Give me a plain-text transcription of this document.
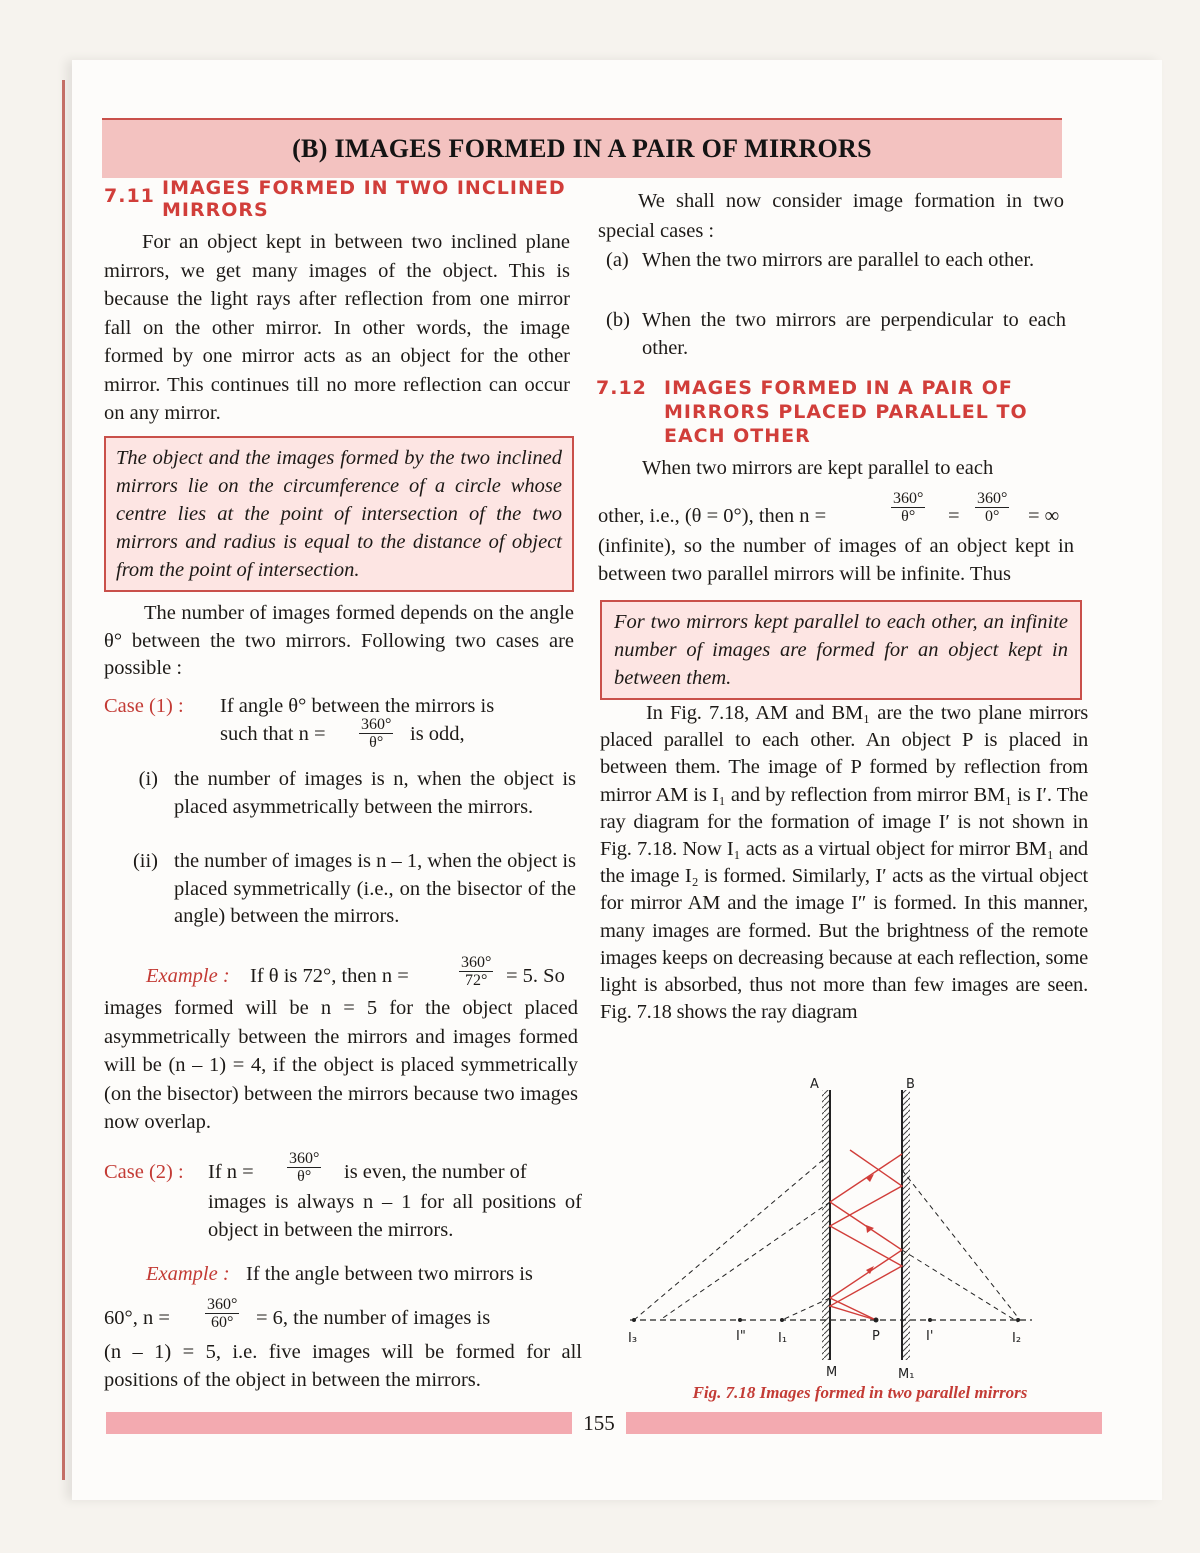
(B) IMAGES FORMED IN A PAIR OF MIRRORS
7.11 IMAGES FORMED IN TWO INCLINED
MIRRORS

For an object kept in between two inclined plane mirrors, we get many images of the object. This is because the light rays after reflection from one mirror fall on the other mirror. In other words, the image formed by one mirror acts as an object for the other mirror. This continues till no more reflection can occur on any mirror.

The object and the images formed by the two inclined mirrors lie on the circumference of a circle whose centre lies at the point of intersection of the two mirrors and radius is equal to the distance of object from the point of intersection.

The number of images formed depends on the angle θ° between the two mirrors. Following two cases are possible :

Case (1) : If angle θ° between the mirrors is
such that $n = \frac{360^\circ}{\theta^\circ}$ is odd,
(i) the number of images is n, when the object is placed asymmetrically between the mirrors.
(ii) the number of images is n – 1, when the object is placed symmetrically (i.e., on the bisector of the angle) between the mirrors.
Example : If θ is 72°, then n =	$\frac{360^\circ}{72^\circ} = 5$. So

images formed will be n = 5 for the object placed asymmetrically between the mirrors and images formed will be (n – 1) = 4, if the object is placed symmetrically (on the bisector) between the mirrors because two images now overlap.

Case (2) : If $n = \frac{360^\circ}{\theta^\circ}$ is even, the number of

images is always n – 1 for all positions of object in between the mirrors.

Example : If the angle between two mirrors is
60°, $n = \frac{360^\circ}{60^\circ} = 6$, the number of images is

(n – 1) = 5, i.e. five images will be formed for all positions of the object in between the mirrors.

We shall now consider image formation in two special cases :

(a) When the two mirrors are parallel to each other.
(b) When the two mirrors are perpendicular to each other.
7.12 IMAGES FORMED IN A PAIR OF
MIRRORS PLACED PARALLEL TO
EACH OTHER
When two mirrors are kept parallel to each
other, i.e., (θ = 0°), then n =	$\frac{360^\circ}{\theta^\circ} = \frac{360^\circ}{0^\circ}$ = ∞

(infinite), so the number of images of an object kept in between two parallel mirrors will be infinite. Thus

For two mirrors kept parallel to each other, an infinite number of images are formed for an object kept in between them.

In Fig. 7.18, AM and BM₁ are the two plane mirrors placed parallel to each other. An object P is placed in between them. The image of P formed by reflection from mirror AM is I₁ and by reflection from mirror BM₁ is I′. The ray diagram for the formation of image I′ is not shown in Fig. 7.18. Now I₁ acts as a virtual object for mirror BM₁ and the image I₂ is formed. Similarly, I′ acts as the virtual object for mirror AM and the image I″ is formed. In this manner, many images are formed. But the brightness of the remote images keeps on decreasing because at each reflection, some light is absorbed, thus not more than few images are seen. Fig. 7.18 shows the ray diagram

A	B
M	M₁
I₃	I" I₁	P	I'	I₂
Fig. 7.18 Images formed in two parallel mirrors
155
